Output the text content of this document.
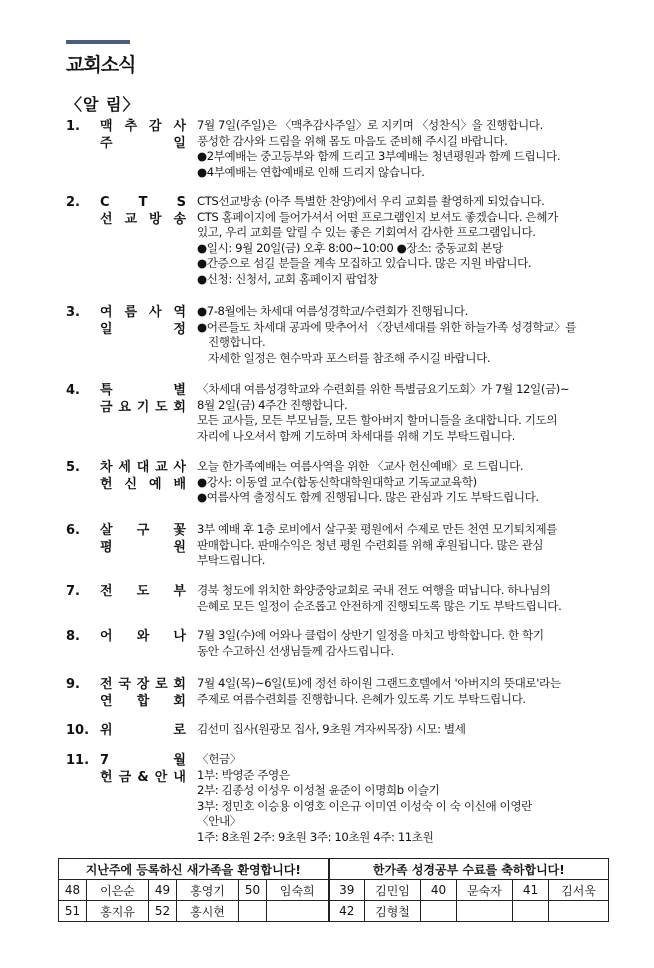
교회소식
〈알 림〉
1.	맥 추 감 사
주 일
7월 7일(주일)은 〈맥추감사주일〉로 지키며 〈성찬식〉을 진행합니다.
풍성한 감사와 드림을 위해 몸도 마음도 준비해 주시길 바랍니다.
●2부예배는 중고등부와 함께 드리고 3부예배는 청년평원과 함께 드립니다.
●4부예배는 연합예배로 인해 드리지 않습니다.
2.	C T S
선 교 방 송
CTS선교방송 (아주 특별한 찬양)에서 우리 교회를 촬영하게 되었습니다.
CTS 홈페이지에 들어가셔서 어떤 프로그램인지 보셔도 좋겠습니다. 은혜가
있고, 우리 교회를 알릴 수 있는 좋은 기회여서 감사한 프로그램입니다.
●일시: 9월 20일(금) 오후 8:00~10:00 ●장소: 중동교회 본당
●간증으로 섬길 분들을 계속 모집하고 있습니다. 많은 지원 바랍니다.
●신청: 신청서, 교회 홈페이지 팝업창
3.	여 름 사 역
일 정
●7-8월에는 차세대 여름성경학교/수련회가 진행됩니다.
●어른들도 차세대 공과에 맞추어서 〈장년세대를 위한 하늘가족 성경학교〉를
진행합니다.
자세한 일정은 현수막과 포스터를 참조해 주시길 바랍니다.
4.	특 별
금 요 기 도 회
〈차세대 여름성경학교와 수련회를 위한 특별금요기도회〉가 7월 12일(금)~
8월 2일(금) 4주간 진행합니다.
모든 교사들, 모든 부모님들, 모든 할아버지 할머니들을 초대합니다. 기도의
자리에 나오셔서 함께 기도하며 차세대를 위해 기도 부탁드립니다.
5.	차 세 대 교 사
헌 신 예 배
오늘 한가족예배는 여름사역을 위한 〈교사 헌신예배〉로 드립니다.
●강사: 이동열 교수(합동신학대학원대학교 기독교교육학)
●여름사역 출정식도 함께 진행됩니다. 많은 관심과 기도 부탁드립니다.
6.	살 구 꽃
평 원
3부 예배 후 1층 로비에서 살구꽃 평원에서 수제로 만든 천연 모기퇴치제를
판매합니다. 판매수익은 청년 평원 수련회를 위해 후원됩니다. 많은 관심
부탁드립니다.
7.	전 도 부 경북 청도에 위치한 화양중앙교회로 국내 전도 여행을 떠납니다. 하나님의
은혜로 모든 일정이 순조롭고 안전하게 진행되도록 많은 기도 부탁드립니다.
8.	어 와 나 7월 3일(수)에 어와나 클럽이 상반기 일정을 마치고 방학합니다. 한 학기
동안 수고하신 선생님들께 감사드립니다.
9.	전 국 장 로 회
연 합 회
7월 4일(목)~6일(토)에 정선 하이원 그랜드호텔에서 '아버지의 뜻대로'라는
주제로 여름수련회를 진행합니다. 은혜가 있도록 기도 부탁드립니다.
10. 위 로 김선미 집사(원광모 집사, 9초원 겨자씨목장) 시모: 별세
11. 7 월
헌 금 & 안 내
〈헌금〉
1부: 박영준 주영은
2부: 김종성 이성우 이성철 윤준이 이명희b 이슬기
3부: 정민호 이승용 이영호 이은규 이미연 이성숙 이 숙 이신애 이영란
〈안내〉
1주: 8초원 2주: 9초원 3주: 10초원 4주: 11초원
지난주에 등록하신 새가족을 환영합니다!						한가족 성경공부 수료를 축하합니다!					
48	이은순	49	홍영기	50	임숙희	39	김민임	40	문숙자	41	김서욱
51	홍지유	52	홍시현			42	김형철				
